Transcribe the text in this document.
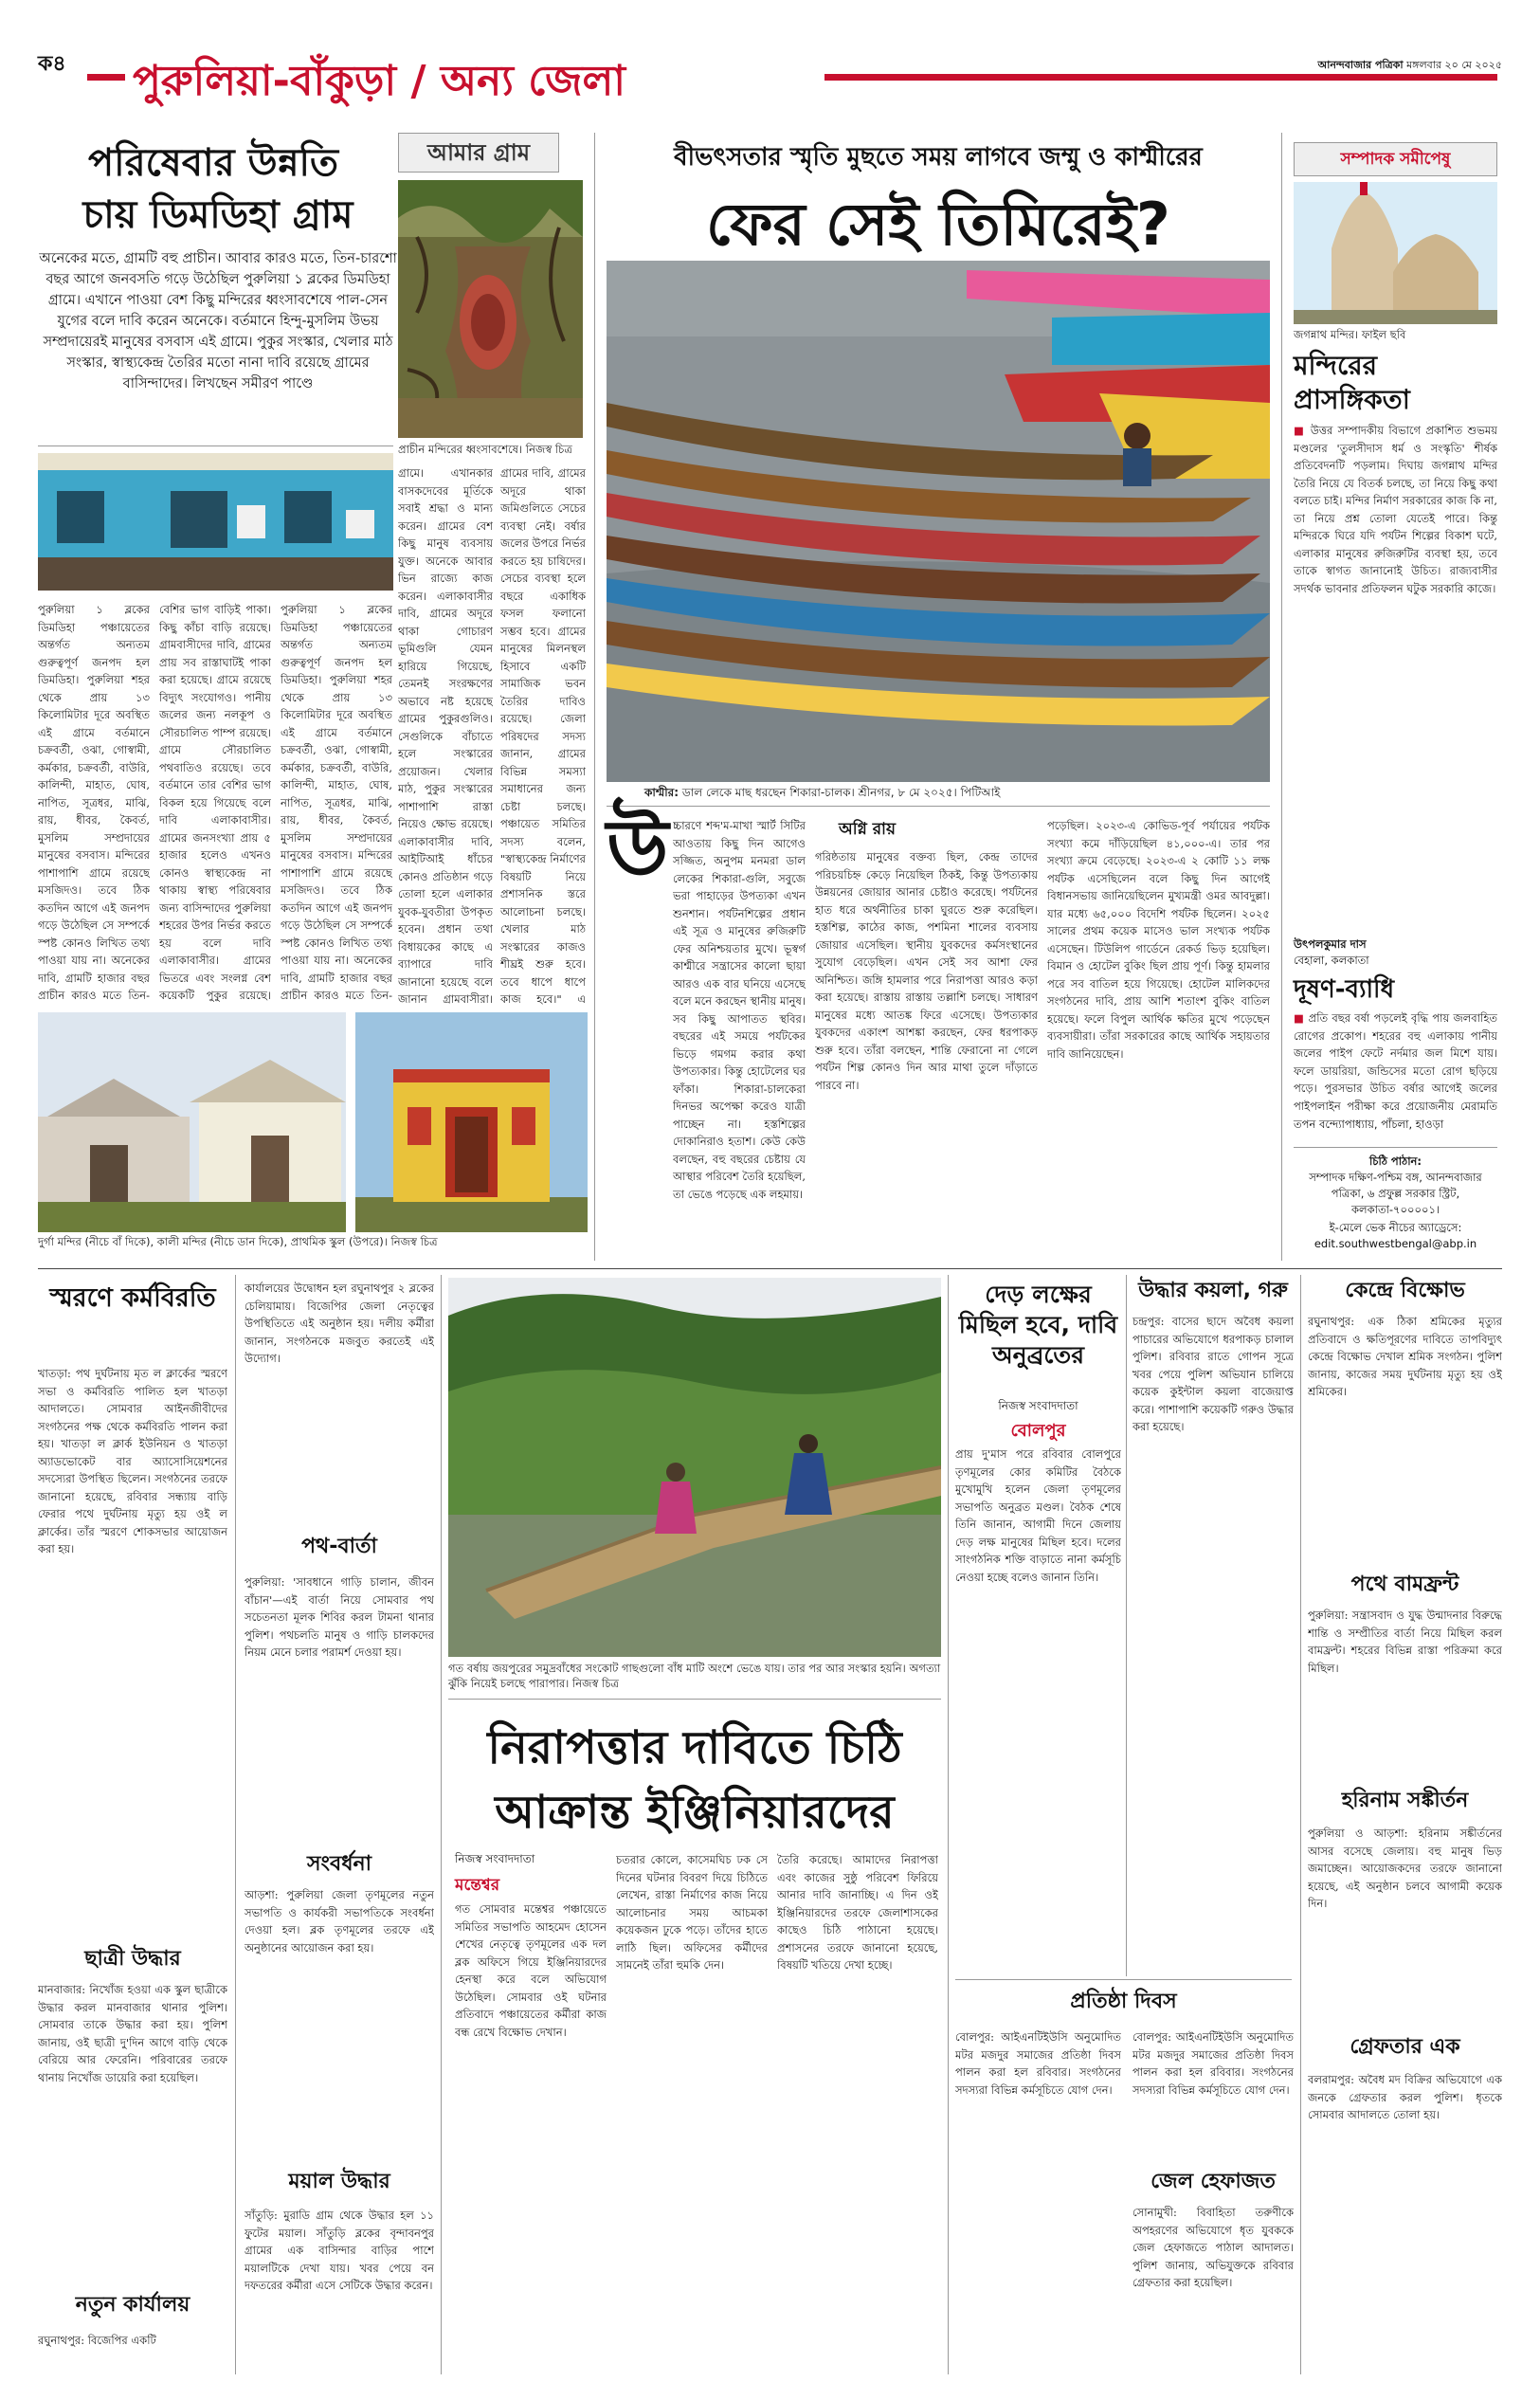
ক৪ পুরুলিয়া-বাঁকুড়া / অন্য জেলা	আনন্দবাজার পত্রিকা মঙ্গলবার ২০ মে ২০২৫
পরিষেবার উন্নতি
চায় ডিমডিহা গ্রাম
আমার গ্রাম
অনেকের মতে, গ্রামটি বহু প্রাচীন। আবার কারও মতে, তিন-চারশো বছর আগে জনবসতি গড়ে উঠেছিল পুরুলিয়া ১ ব্লকের ডিমডিহা গ্রামে। এখানে পাওয়া বেশ কিছু মন্দিরের ধ্বংসাবশেষে পাল-সেন যুগের বলে দাবি করেন অনেকে। বর্তমানে হিন্দু-মুসলিম উভয় সম্প্রদায়েরই মানুষের বসবাস এই গ্রামে। পুকুর সংস্কার, খেলার মাঠ সংস্কার, স্বাস্থ্যকেন্দ্র তৈরির মতো নানা দাবি রয়েছে গ্রামের বাসিন্দাদের। লিখছেন সমীরণ পাণ্ডে
প্রাচীন মন্দিরের ধ্বংসাবশেষে। নিজস্ব চিত্র
পুরুলিয়া ১ ব্লকের ডিমডিহা পঞ্চায়েতের অন্তর্গত অন্যতম গুরুত্বপূর্ণ জনপদ হল ডিমডিহা। পুরুলিয়া শহর থেকে প্রায় ১৩ কিলোমিটার দূরে অবস্থিত এই গ্রামে বর্তমানে চক্রবর্তী, ওঝা, গোস্বামী, কর্মকার, চক্রবর্তী, বাউরি, কালিন্দী, মাহাত, ঘোষ, নাপিত, সূত্রধর, মাঝি, রায়, ধীবর, কৈবর্ত, মুসলিম সম্প্রদায়ের মানুষের বসবাস। মন্দিরের পাশাপাশি গ্রামে রয়েছে মসজিদও। তবে ঠিক কতদিন আগে এই জনপদ গড়ে উঠেছিল সে সম্পর্কে স্পষ্ট কোনও লিখিত তথ্য পাওয়া যায় না। অনেকের দাবি, গ্রামটি হাজার বছর প্রাচীন কারও মতে তিন-
বেশির ভাগ বাড়িই পাকা। কিছু কাঁচা বাড়ি রয়েছে। গ্রামবাসীদের দাবি, গ্রামের প্রায় সব রাস্তাঘাটই পাকা করা হয়েছে। গ্রামে রয়েছে বিদ্যুৎ সংযোগও। পানীয় জলের জন্য নলকূপ ও সৌরচালিত পাম্প রয়েছে। গ্রামে সৌরচালিত পথবাতিও রয়েছে। তবে বর্তমানে তার বেশির ভাগ বিকল হয়ে গিয়েছে বলে দাবি এলাকাবাসীর। গ্রামের জনসংখ্যা প্রায় ৫ হাজার হলেও এখনও কোনও স্বাস্থ্যকেন্দ্র না থাকায় স্বাস্থ্য পরিষেবার জন্য বাসিন্দাদের পুরুলিয়া শহরের উপর নির্ভর করতে হয় বলে দাবি এলাকাবাসীর। গ্রামের ভিতরে এবং সংলগ্ন বেশ কয়েকটি পুকুর রয়েছে।
গ্রামে। এখানকার বাসকদেবের মূর্তিকে সবাই শ্রদ্ধা ও মান্য করেন। গ্রামের বেশ কিছু মানুষ ব্যবসায় যুক্ত। অনেকে আবার ভিন রাজ্যে কাজ করেন। এলাকাবাসীর দাবি, গ্রামের অদূরে থাকা গোচারণ ভূমিগুলি যেমন হারিয়ে গিয়েছে, তেমনই সংরক্ষণের অভাবে নষ্ট হয়েছে গ্রামের পুকুরগুলিও। সেগুলিকে বাঁচাতে হলে সংস্কারের প্রয়োজন। খেলার মাঠ, পুকুর সংস্কারের পাশাপাশি রাস্তা নিয়েও ক্ষোভ রয়েছে। এলাকাবাসীর দাবি, আইটিআই ধাঁচের কোনও প্রতিষ্ঠান গড়ে তোলা হলে এলাকার যুবক-যুবতীরা উপকৃত হবেন। প্রধান তথা বিধায়কের কাছে এ ব্যাপারে দাবি জানানো হয়েছে বলে জানান গ্রামবাসীরা।
গ্রামের দাবি, গ্রামের অদূরে থাকা জমিগুলিতে সেচের ব্যবস্থা নেই। বর্ষার জলের উপরে নির্ভর করতে হয় চাষিদের। সেচের ব্যবস্থা হলে বছরে একাধিক ফসল ফলানো সম্ভব হবে। গ্রামের মানুষের মিলনস্থল হিসাবে একটি সামাজিক ভবন তৈরির দাবিও রয়েছে। জেলা পরিষদের সদস্য জানান, গ্রামের বিভিন্ন সমস্যা সমাধানের জন্য চেষ্টা চলছে। পঞ্চায়েত সমিতির সদস্য বলেন, "স্বাস্থ্যকেন্দ্র নির্মাণের বিষয়টি নিয়ে প্রশাসনিক স্তরে আলোচনা চলছে। খেলার মাঠ সংস্কারের কাজও শীঘ্রই শুরু হবে। তবে ধাপে ধাপে কাজ হবে।" এ
পুরুলিয়া ১ ব্লকের ডিমডিহা পঞ্চায়েতের অন্তর্গত অন্যতম গুরুত্বপূর্ণ জনপদ হল ডিমডিহা। পুরুলিয়া শহর থেকে প্রায় ১৩ কিলোমিটার দূরে অবস্থিত এই গ্রামে বর্তমানে চক্রবর্তী, ওঝা, গোস্বামী, কর্মকার, চক্রবর্তী, বাউরি, কালিন্দী, মাহাত, ঘোষ, নাপিত, সূত্রধর, মাঝি, রায়, ধীবর, কৈবর্ত, মুসলিম সম্প্রদায়ের মানুষের বসবাস। মন্দিরের পাশাপাশি গ্রামে রয়েছে মসজিদও। তবে ঠিক কতদিন আগে এই জনপদ গড়ে উঠেছিল সে সম্পর্কে স্পষ্ট কোনও লিখিত তথ্য পাওয়া যায় না। অনেকের দাবি, গ্রামটি হাজার বছর প্রাচীন কারও মতে তিন-
দুর্গা মন্দির (নীচে বাঁ দিকে), কালী মন্দির (নীচে ডান দিকে), প্রাথমিক স্কুল (উপরে)। নিজস্ব চিত্র
বীভৎসতার স্মৃতি মুছতে সময় লাগবে জম্মু ও কাশ্মীরের
ফের সেই তিমিরেই?
কাশ্মীর: ডাল লেকে মাছ ধরছেন শিকারা-চালক। শ্রীনগর, ৮ মে ২০২৫। পিটিআই
অগ্নি রায়
উ চ্চারণে শব্দ'ম-মাখা স্মার্ট সিটির আওতায় কিছু দিন আগেও সজ্জিত, অনুপম মনমরা ডাল লেকের শিকারা-গুলি, সবুজে ভরা পাহাড়ের উপত্যকা এখন শুনশান। পর্যটনশিল্পের প্রধান এই সূত্র ও মানুষের রুজিরুটি ফের অনিশ্চয়তার মুখে। ভূস্বর্গ কাশ্মীরে সন্ত্রাসের কালো ছায়া আরও এক বার ঘনিয়ে এসেছে বলে মনে করছেন স্থানীয় মানুষ। সব কিছু আপাতত স্থবির। বছরের এই সময়ে পর্যটকের ভিড়ে গমগম করার কথা উপত্যকার। কিন্তু হোটেলের ঘর ফাঁকা। শিকারা-চালকেরা দিনভর অপেক্ষা করেও যাত্রী পাচ্ছেন না। হস্তশিল্পের দোকানিরাও হতাশ। কেউ কেউ বলছেন, বহু বছরের চেষ্টায় যে আস্থার পরিবেশ তৈরি হয়েছিল, তা ভেঙে পড়েছে এক লহমায়।
গরিষ্ঠতায় মানুষের বক্তব্য ছিল, কেন্দ্র তাদের পরিচয়চিহ্ন কেড়ে নিয়েছিল ঠিকই, কিন্তু উপত্যকায় উন্নয়নের জোয়ার আনার চেষ্টাও করেছে। পর্যটনের হাত ধরে অর্থনীতির চাকা ঘুরতে শুরু করেছিল। হস্তশিল্প, কাঠের কাজ, পশমিনা শালের ব্যবসায় জোয়ার এসেছিল। স্থানীয় যুবকদের কর্মসংস্থানের সুযোগ বেড়েছিল। এখন সেই সব আশা ফের অনিশ্চিত। জঙ্গি হামলার পরে নিরাপত্তা আরও কড়া করা হয়েছে। রাস্তায় রাস্তায় তল্লাশি চলছে। সাধারণ মানুষের মধ্যে আতঙ্ক ফিরে এসেছে। উপত্যকার যুবকদের একাংশ আশঙ্কা করছেন, ফের ধরপাকড় শুরু হবে। তাঁরা বলছেন, শান্তি ফেরানো না গেলে পর্যটন শিল্প কোনও দিন আর মাথা তুলে দাঁড়াতে পারবে না।
পড়েছিল। ২০২৩-এ কোভিড-পূর্ব পর্যায়ের পর্যটক সংখ্যা কমে দাঁড়িয়েছিল ৪১,০০০-এ। তার পর সংখ্যা ক্রমে বেড়েছে। ২০২৩-এ ২ কোটি ১১ লক্ষ পর্যটক এসেছিলেন বলে কিছু দিন আগেই বিধানসভায় জানিয়েছিলেন মুখ্যমন্ত্রী ওমর আবদুল্লা। যার মধ্যে ৬৫,০০০ বিদেশি পর্যটক ছিলেন। ২০২৫ সালের প্রথম কয়েক মাসেও ভাল সংখ্যক পর্যটক এসেছেন। টিউলিপ গার্ডেনে রেকর্ড ভিড় হয়েছিল। বিমান ও হোটেল বুকিং ছিল প্রায় পূর্ণ। কিন্তু হামলার পরে সব বাতিল হয়ে গিয়েছে। হোটেল মালিকদের সংগঠনের দাবি, প্রায় আশি শতাংশ বুকিং বাতিল হয়েছে। ফলে বিপুল আর্থিক ক্ষতির মুখে পড়েছেন ব্যবসায়ীরা। তাঁরা সরকারের কাছে আর্থিক সহায়তার দাবি জানিয়েছেন।
সম্পাদক সমীপেষু
জগন্নাথ মন্দির। ফাইল ছবি
মন্দিরের প্রাসঙ্গিকতা
■ উত্তর সম্পাদকীয় বিভাগে প্রকাশিত শুভময় মণ্ডলের 'তুলসীদাস ধর্ম ও সংস্কৃতি' শীর্ষক প্রতিবেদনটি পড়লাম। দিঘায় জগন্নাথ মন্দির তৈরি নিয়ে যে বিতর্ক চলছে, তা নিয়ে কিছু কথা বলতে চাই। মন্দির নির্মাণ সরকারের কাজ কি না, তা নিয়ে প্রশ্ন তোলা যেতেই পারে। কিন্তু মন্দিরকে ঘিরে যদি পর্যটন শিল্পের বিকাশ ঘটে, এলাকার মানুষের রুজিরুটির ব্যবস্থা হয়, তবে তাকে স্বাগত জানানোই উচিত। রাজ্যবাসীর সদর্থক ভাবনার প্রতিফলন ঘটুক সরকারি কাজে।
উৎপলকুমার দাস
বেহালা, কলকাতা
দূষণ-ব্যাধি
■ প্রতি বছর বর্ষা পড়লেই বৃদ্ধি পায় জলবাহিত রোগের প্রকোপ। শহরের বহু এলাকায় পানীয় জলের পাইপ ফেটে নর্দমার জল মিশে যায়। ফলে ডায়রিয়া, জন্ডিসের মতো রোগ ছড়িয়ে পড়ে। পুরসভার উচিত বর্ষার আগেই জলের পাইপলাইন পরীক্ষা করে প্রয়োজনীয় মেরামতি
তপন বন্দ্যোপাধ্যায়, পাঁচলা, হাওড়া
চিঠি পাঠান:
সম্পাদক দক্ষিণ-পশ্চিম বঙ্গ, আনন্দবাজার পত্রিকা, ৬ প্রফুল্ল সরকার স্ট্রিট, কলকাতা-৭০০০০১।
ই-মেলে ভেক নীচের অ্যাড্রেসে: edit.southwestbengal@abp.in
স্মরণে কর্মবিরতি
খাতড়া: পথ দুর্ঘটনায় মৃত ল ক্লার্কের স্মরণে সভা ও কর্মবিরতি পালিত হল খাতড়া আদালতে। সোমবার আইনজীবীদের সংগঠনের পক্ষ থেকে কর্মবিরতি পালন করা হয়। খাতড়া ল ক্লার্ক ইউনিয়ন ও খাতড়া অ্যাডভোকেট বার অ্যাসোসিয়েশনের সদস্যেরা উপস্থিত ছিলেন। সংগঠনের তরফে জানানো হয়েছে, রবিবার সন্ধ্যায় বাড়ি ফেরার পথে দুর্ঘটনায় মৃত্যু হয় ওই ল ক্লার্কের। তাঁর স্মরণে শোকসভার আয়োজন করা হয়।
ছাত্রী উদ্ধার
মানবাজার: নিখোঁজ হওয়া এক স্কুল ছাত্রীকে উদ্ধার করল মানবাজার থানার পুলিশ। সোমবার তাকে উদ্ধার করা হয়। পুলিশ জানায়, ওই ছাত্রী দু'দিন আগে বাড়ি থেকে বেরিয়ে আর ফেরেনি। পরিবারের তরফে থানায় নিখোঁজ ডায়েরি করা হয়েছিল।
নতুন কার্যালয়
রঘুনাথপুর: বিজেপির একটি
কার্যালয়ের উদ্বোধন হল রঘুনাথপুর ২ ব্লকের চেলিয়ামায়। বিজেপির জেলা নেতৃত্বের উপস্থিতিতে এই অনুষ্ঠান হয়। দলীয় কর্মীরা জানান, সংগঠনকে মজবুত করতেই এই উদ্যোগ।
পথ-বার্তা
পুরুলিয়া: 'সাবধানে গাড়ি চালান, জীবন বাঁচান'—এই বার্তা নিয়ে সোমবার পথ সচেতনতা মূলক শিবির করল টামনা থানার পুলিশ। পথচলতি মানুষ ও গাড়ি চালকদের নিয়ম মেনে চলার পরামর্শ দেওয়া হয়।
সংবর্ধনা
আড়শা: পুরুলিয়া জেলা তৃণমূলের নতুন সভাপতি ও কার্যকরী সভাপতিকে সংবর্ধনা দেওয়া হল। ব্লক তৃণমূলের তরফে এই অনুষ্ঠানের আয়োজন করা হয়।
ময়াল উদ্ধার
সাঁতুড়ি: মুরাডি গ্রাম থেকে উদ্ধার হল ১১ ফুটের ময়াল। সাঁতুড়ি ব্লকের বৃন্দাবনপুর গ্রামের এক বাসিন্দার বাড়ির পাশে ময়ালটিকে দেখা যায়। খবর পেয়ে বন দফতরের কর্মীরা এসে সেটিকে উদ্ধার করেন।
গত বর্ষায় জয়পুরের সমুদ্রবাঁধের সংকোট গাছগুলো বাঁধ মাটি অংশে ভেঙে যায়। তার পর আর সংস্কার হয়নি। অগত্যা ঝুঁকি নিয়েই চলছে পারাপার। নিজস্ব চিত্র
নিরাপত্তার দাবিতে চিঠি
আক্রান্ত ইঞ্জিনিয়ারদের
নিজস্ব সংবাদদাতা
মন্তেশ্বর
গত সোমবার মন্তেশ্বর পঞ্চায়েতে সমিতির সভাপতি আহমেদ হোসেন শেখের নেতৃত্বে তৃণমূলের এক দল ব্লক অফিসে গিয়ে ইঞ্জিনিয়ারদের হেনস্থা করে বলে অভিযোগ উঠেছিল। সোমবার ওই ঘটনার প্রতিবাদে পঞ্চায়েতের কর্মীরা কাজ বন্ধ রেখে বিক্ষোভ দেখান।
চতরার কোলে, কাসেমঘিচ ঢক সে দিনের ঘটনার বিবরণ দিয়ে চিঠিতে লেখেন, রাস্তা নির্মাণের কাজ নিয়ে আলোচনার সময় আচমকা কয়েকজন ঢুকে পড়ে। তাঁদের হাতে লাঠি ছিল। অফিসের কর্মীদের সামনেই তাঁরা হুমকি দেন।
তৈরি করেছে। আমাদের নিরাপত্তা এবং কাজের সুষ্ঠু পরিবেশ ফিরিয়ে আনার দাবি জানাচ্ছি। এ দিন ওই ইঞ্জিনিয়ারদের তরফে জেলাশাসকের কাছেও চিঠি পাঠানো হয়েছে। প্রশাসনের তরফে জানানো হয়েছে, বিষয়টি খতিয়ে দেখা হচ্ছে।
দেড় লক্ষের মিছিল হবে, দাবি অনুব্রতের
নিজস্ব সংবাদদাতা
বোলপুর
প্রায় দু'মাস পরে রবিবার বোলপুরে তৃণমূলের কোর কমিটির বৈঠকে মুখোমুখি হলেন জেলা তৃণমূলের সভাপতি অনুব্রত মণ্ডল। বৈঠক শেষে তিনি জানান, আগামী দিনে জেলায় দেড় লক্ষ মানুষের মিছিল হবে। দলের সাংগঠনিক শক্তি বাড়াতে নানা কর্মসূচি নেওয়া হচ্ছে বলেও জানান তিনি।
প্রতিষ্ঠা দিবস
বোলপুর: আইএনটিইউসি অনুমোদিত মটর মজদুর সমাজের প্রতিষ্ঠা দিবস পালন করা হল রবিবার। সংগঠনের সদস্যরা বিভিন্ন কর্মসূচিতে যোগ দেন।
উদ্ধার কয়লা, গরু
চন্দ্রপুর: বাসের ছাদে অবৈধ কয়লা পাচারের অভিযোগে ধরপাকড় চালাল পুলিশ। রবিবার রাতে গোপন সূত্রে খবর পেয়ে পুলিশ অভিযান চালিয়ে কয়েক কুইন্টাল কয়লা বাজেয়াপ্ত করে। পাশাপাশি কয়েকটি গরুও উদ্ধার করা হয়েছে।
জেল হেফাজত
সোনামুখী: বিবাহিতা তরুণীকে অপহরণের অভিযোগে ধৃত যুবককে জেল হেফাজতে পাঠাল আদালত। পুলিশ জানায়, অভিযুক্তকে রবিবার গ্রেফতার করা হয়েছিল।
বোলপুর: আইএনটিইউসি অনুমোদিত মটর মজদুর সমাজের প্রতিষ্ঠা দিবস পালন করা হল রবিবার। সংগঠনের সদস্যরা বিভিন্ন কর্মসূচিতে যোগ দেন।
কেন্দ্রে বিক্ষোভ
রঘুনাথপুর: এক ঠিকা শ্রমিকের মৃত্যুর প্রতিবাদে ও ক্ষতিপূরণের দাবিতে তাপবিদ্যুৎ কেন্দ্রে বিক্ষোভ দেখাল শ্রমিক সংগঠন। পুলিশ জানায়, কাজের সময় দুর্ঘটনায় মৃত্যু হয় ওই শ্রমিকের।
পথে বামফ্রন্ট
পুরুলিয়া: সন্ত্রাসবাদ ও যুদ্ধ উন্মাদনার বিরুদ্ধে শান্তি ও সম্প্রীতির বার্তা নিয়ে মিছিল করল বামফ্রন্ট। শহরের বিভিন্ন রাস্তা পরিক্রমা করে মিছিল।
হরিনাম সঙ্কীর্তন
পুরুলিয়া ও আড়শা: হরিনাম সঙ্কীর্তনের আসর বসেছে জেলায়। বহু মানুষ ভিড় জমাচ্ছেন। আয়োজকদের তরফে জানানো হয়েছে, এই অনুষ্ঠান চলবে আগামী কয়েক দিন।
গ্রেফতার এক
বলরামপুর: অবৈধ মদ বিক্রির অভিযোগে এক জনকে গ্রেফতার করল পুলিশ। ধৃতকে সোমবার আদালতে তোলা হয়।
